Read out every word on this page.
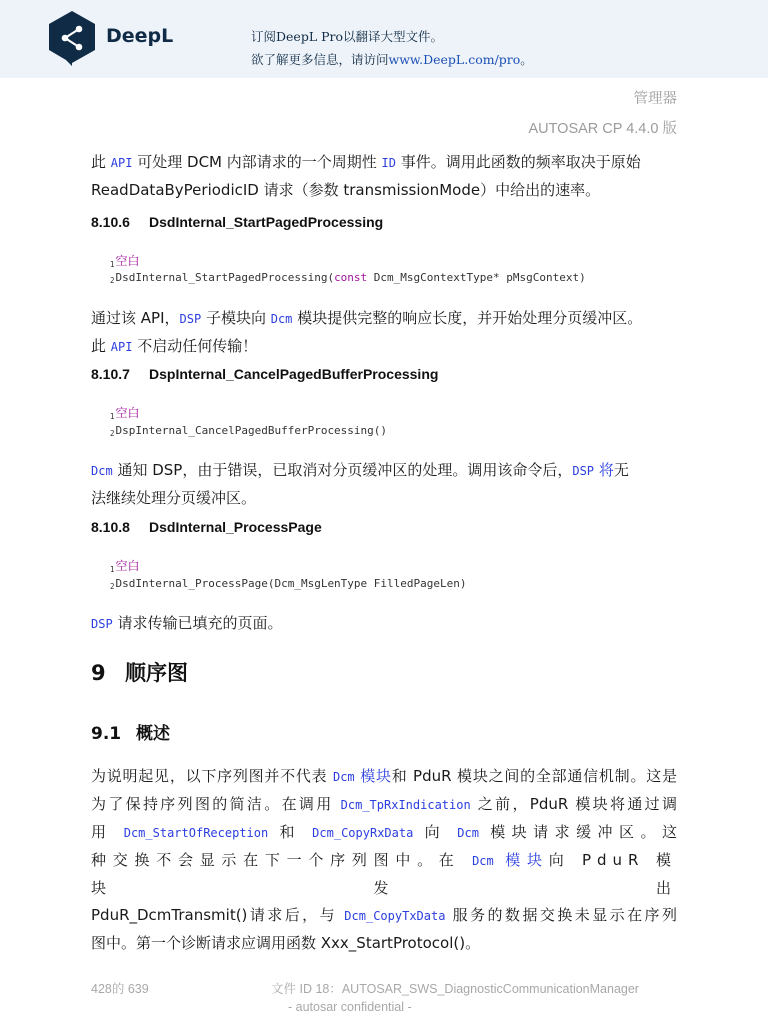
DeepL	订阅DeepL Pro以翻译大型文件。
欲了解更多信息，请访问www.DeepL.com/pro。
管理器
AUTOSAR CP 4.4.0 版
此 API 可处理 DCM 内部请求的一个周期性 ID 事件。调用此函数的频率取决于原始
ReadDataByPeriodicID 请求（参数 transmissionMode）中给出的速率。
8.10.6 DsdInternal_StartPagedProcessing
1空白
2DsdInternal_StartPagedProcessing(const Dcm_MsgContextType* pMsgContext)
通过该 API，DSP 子模块向 Dcm 模块提供完整的响应长度，并开始处理分页缓冲区。
此 API 不启动任何传输！
8.10.7 DspInternal_CancelPagedBufferProcessing
1空白
2DspInternal_CancelPagedBufferProcessing()
Dcm 通知 DSP，由于错误，已取消对分页缓冲区的处理。调用该命令后，DSP 将无
法继续处理分页缓冲区。
8.10.8 DsdInternal_ProcessPage
1空白
2DsdInternal_ProcessPage(Dcm_MsgLenType FilledPageLen)
DSP 请求传输已填充的页面。
9 顺序图
9.1 概述
为说明起见，以下序列图并不代表 Dcm 模块和 PduR 模块之间的全部通信机制。这是
为了保持序列图的简洁。在调用 Dcm_TpRxIndication 之前，PduR 模块将通过调
用 Dcm_StartOfReception 和 Dcm_CopyRxData 向 Dcm 模块请求缓冲区。这
种交换不会显示在下一个序列图中。在 Dcm 模块向 PduR 模块发出
PduR_DcmTransmit()请求后，与 Dcm_CopyTxData 服务的数据交换未显示在序列
图中。第一个诊断请求应调用函数 Xxx_StartProtocol()。
428的 639	文件 ID 18：AUTOSAR_SWS_DiagnosticCommunicationManager
- autosar confidential -
